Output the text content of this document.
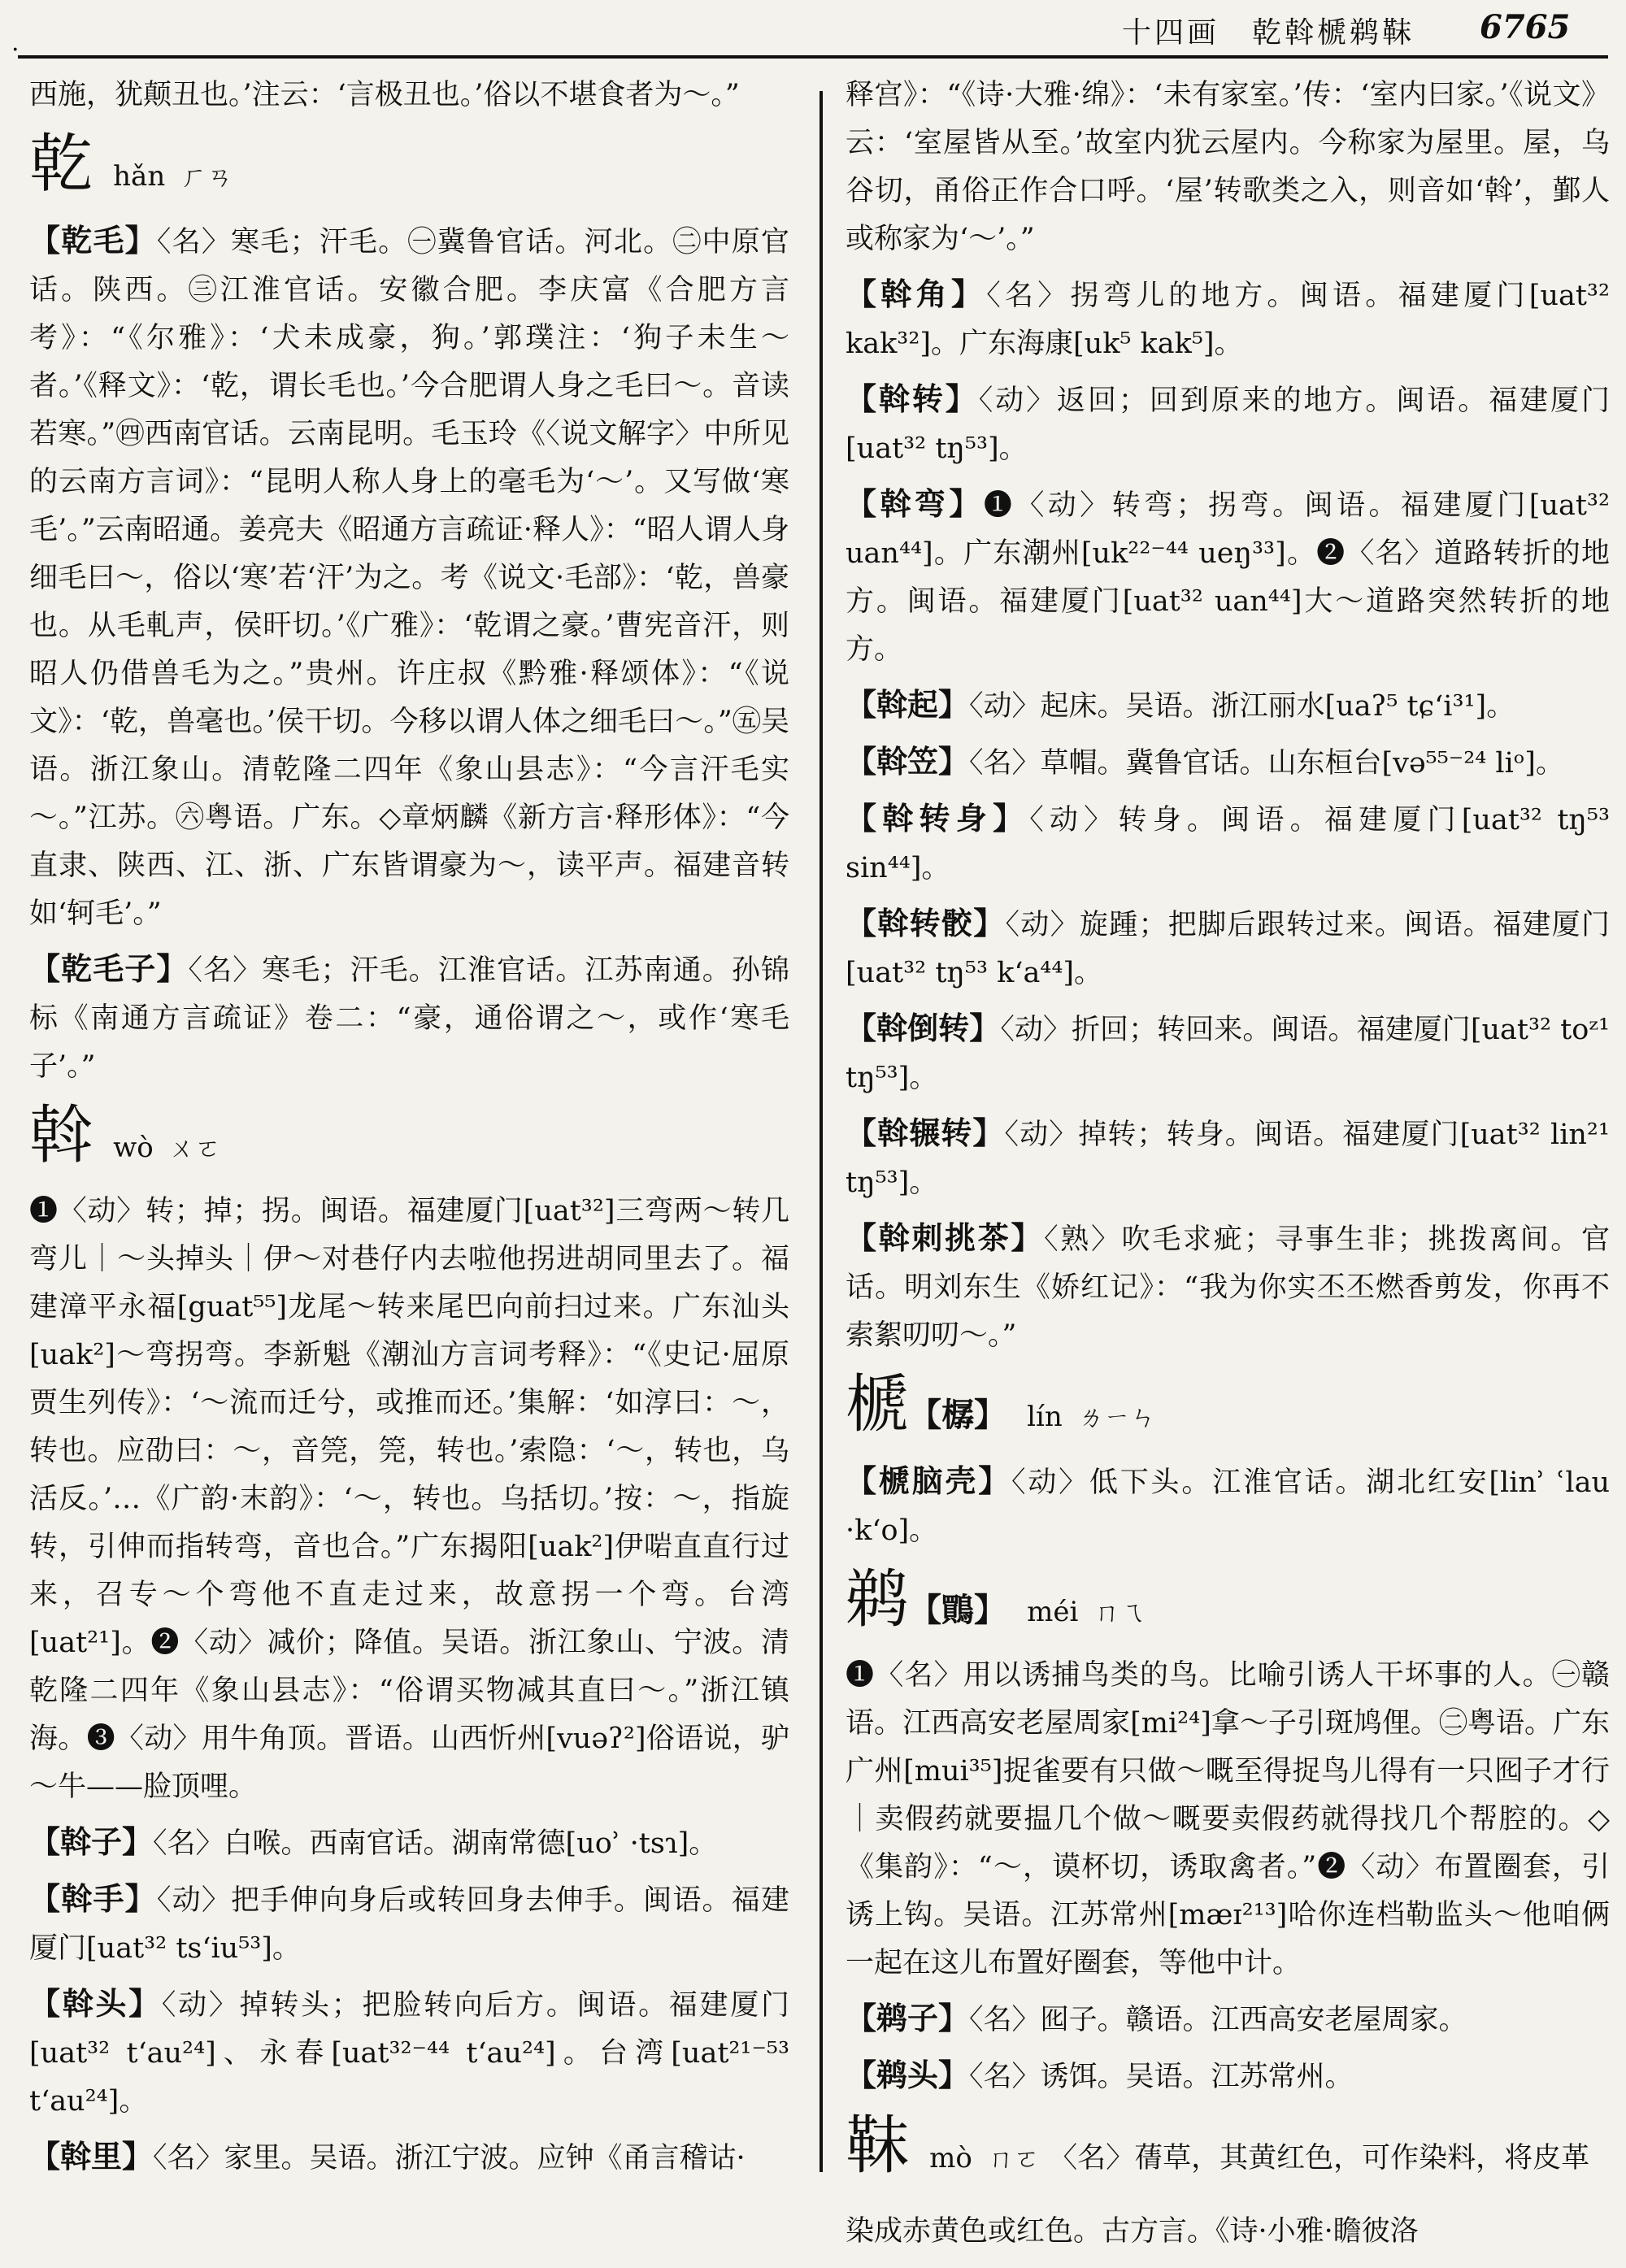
十四画　乾斡榹鹈靺 6765
·

西施，犹颠丑也。’注云：‘言极丑也。’俗以不堪食者为～。”

乾 hǎn ㄏㄢ

【乾毛】〈名〉寒毛；汗毛。㊀冀鲁官话。河北。㊁中原官话。陕西。㊂江淮官话。安徽合肥。李庆富《合肥方言考》：“《尔雅》：‘犬未成豪，狗。’郭璞注：‘狗子未生～者。’《释文》：‘乾，谓长毛也。’今合肥谓人身之毛曰～。音读若寒。”㊃西南官话。云南昆明。毛玉玲《〈说文解字〉中所见的云南方言词》：“昆明人称人身上的毫毛为‘～’。又写做‘寒毛’。”云南昭通。姜亮夫《昭通方言疏证·释人》：“昭人谓人身细毛曰～，俗以‘寒’若‘汗’为之。考《说文·毛部》：‘乾，兽豪也。从毛軋声，侯旰切。’《广雅》：‘乾谓之豪。’曹宪音汗，则昭人仍借兽毛为之。”贵州。许庄叔《黔雅·释颂体》：“《说文》：‘乾，兽毫也。’侯干切。今移以谓人体之细毛曰～。”㊄吴语。浙江象山。清乾隆二四年《象山县志》：“今言汗毛实～。”江苏。㊅粤语。广东。◇章炳麟《新方言·释形体》：“今直隶、陕西、江、浙、广东皆谓豪为～，读平声。福建音转如‘轲毛’。”

【乾毛子】〈名〉寒毛；汗毛。江淮官话。江苏南通。孙锦标《南通方言疏证》卷二：“豪，通俗谓之～，或作‘寒毛子’。”

斡 wò ㄨㄛ

❶〈动〉转；掉；拐。闽语。福建厦门[uat³²]三弯两～转几弯儿｜～头掉头｜伊～对巷仔内去啦他拐进胡同里去了。福建漳平永福[guat⁵⁵]龙尾～转来尾巴向前扫过来。广东汕头[uak²]～弯拐弯。李新魁《潮汕方言词考释》：“《史记·屈原贾生列传》：‘～流而迁兮，或推而还。’集解：‘如淳曰：～，转也。应劭曰：～，音筦，筦，转也。’索隐：‘～，转也，乌活反。’…《广韵·末韵》：‘～，转也。乌括切。’按：～，指旋转，引伸而指转弯，音也合。”广东揭阳[uak²]伊啱直直行过来，召专～个弯他不直走过来，故意拐一个弯。台湾[uat²¹]。❷〈动〉减价；降值。吴语。浙江象山、宁波。清乾隆二四年《象山县志》：“俗谓买物减其直曰～。”浙江镇海。❸〈动〉用牛角顶。晋语。山西忻州[vuəʔ²]俗语说，驴～牛——脸顶哩。

【斡子】〈名〉白喉。西南官话。湖南常德[uoʾ ·tsɿ]。

【斡手】〈动〉把手伸向身后或转回身去伸手。闽语。福建厦门[uat³² tsʻiu⁵³]。

【斡头】〈动〉掉转头；把脸转向后方。闽语。福建厦门[uat³² tʻau²⁴]、永春[uat³²⁻⁴⁴ tʻau²⁴]。台湾[uat²¹⁻⁵³ tʻau²⁴]。

【斡里】〈名〉家里。吴语。浙江宁波。应钟《甬言稽诂·

释宫》：“《诗·大雅·绵》：‘未有家室。’传：‘室内曰家。’《说文》云：‘室屋皆从至。’故室内犹云屋内。今称家为屋里。屋，乌谷切，甬俗正作合口呼。‘屋’转歌类之入，则音如‘斡’，鄞人或称家为‘～’。”

【斡角】〈名〉拐弯儿的地方。闽语。福建厦门[uat³² kak³²]。广东海康[uk⁵ kak⁵]。

【斡转】〈动〉返回；回到原来的地方。闽语。福建厦门[uat³² tŋ⁵³]。

【斡弯】❶〈动〉转弯；拐弯。闽语。福建厦门[uat³² uan⁴⁴]。广东潮州[uk²²⁻⁴⁴ ueŋ³³]。❷〈名〉道路转折的地方。闽语。福建厦门[uat³² uan⁴⁴]大～道路突然转折的地方。

【斡起】〈动〉起床。吴语。浙江丽水[uaʔ⁵ tɕʻi³¹]。

【斡笠】〈名〉草帽。冀鲁官话。山东桓台[və⁵⁵⁻²⁴ liᵒ]。

【斡转身】〈动〉转身。闽语。福建厦门[uat³² tŋ⁵³ sin⁴⁴]。

【斡转骹】〈动〉旋踵；把脚后跟转过来。闽语。福建厦门[uat³² tŋ⁵³ kʻa⁴⁴]。

【斡倒转】〈动〉折回；转回来。闽语。福建厦门[uat³² toᶻ¹ tŋ⁵³]。

【斡辗转】〈动〉掉转；转身。闽语。福建厦门[uat³² lin²¹ tŋ⁵³]。

【斡刺挑茶】〈熟〉吹毛求疵；寻事生非；挑拨离间。官话。明刘东生《娇红记》：“我为你实丕丕燃香剪发，你再不索絮叨叨～。”

榹【樼】 lín ㄌㄧㄣ

【榹脑壳】〈动〉低下头。江淮官话。湖北红安[linʾ ʿlau ·kʻo]。

鹈【鷶】 méi ㄇㄟ

❶〈名〉用以诱捕鸟类的鸟。比喻引诱人干坏事的人。㊀赣语。江西高安老屋周家[mi²⁴]拿～子引斑鸠俚。㊁粤语。广东广州[mui³⁵]捉雀要有只做～嘅至得捉鸟儿得有一只囮子才行｜卖假药就要揾几个做～嘅要卖假药就得找几个帮腔的。◇《集韵》：“～，谟杯切，诱取禽者。”❷〈动〉布置圈套，引诱上钩。吴语。江苏常州[mæɪ²¹³]哈你连档勒监头～他咱俩一起在这儿布置好圈套，等他中计。

【鹈子】〈名〉囮子。赣语。江西高安老屋周家。

【鹈头】〈名〉诱饵。吴语。江苏常州。

靺 mò ㄇㄛ 〈名〉蒨草，其黄红色，可作染料，将皮革染成赤黄色或红色。古方言。《诗·小雅·瞻彼洛
